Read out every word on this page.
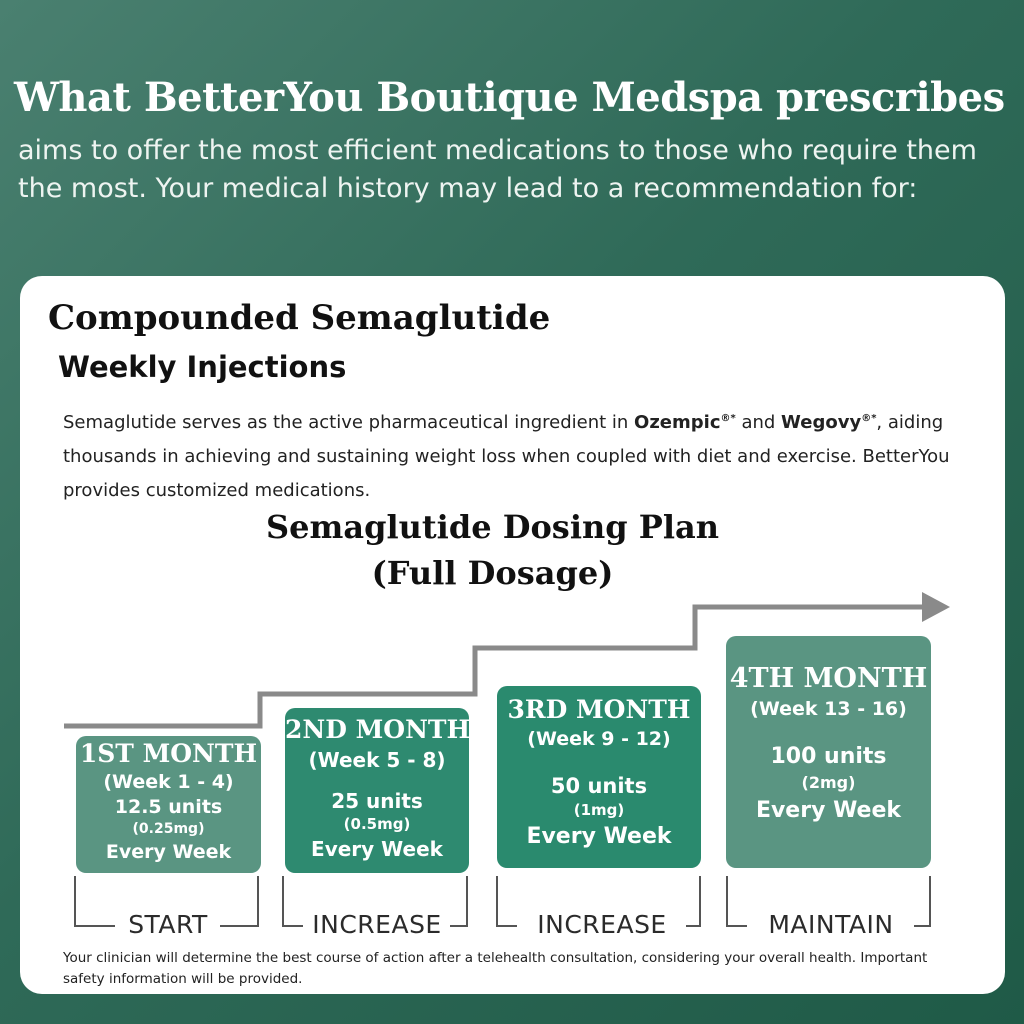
What BetterYou Boutique Medspa prescribes

aims to offer the most efficient medications to those who require them the most. Your medical history may lead to a recommendation for:

Compounded Semaglutide
Weekly Injections

Semaglutide serves as the active pharmaceutical ingredient in Ozempic®* and Wegovy®*, aiding thousands in achieving and sustaining weight loss when coupled with diet and exercise. BetterYou provides customized medications.

Semaglutide Dosing Plan
(Full Dosage)
1ST MONTH
(Week 1 - 4)
12.5 units
(0.25mg)
Every Week
2ND MONTH
(Week 5 - 8)
25 units
(0.5mg)
Every Week
3RD MONTH
(Week 9 - 12)
50 units
(1mg)
Every Week
4TH MONTH
(Week 13 - 16)
100 units
(2mg)
Every Week
START	INCREASE	INCREASE	MAINTAIN

Your clinician will determine the best course of action after a telehealth consultation, considering your overall health. Important safety information will be provided.
